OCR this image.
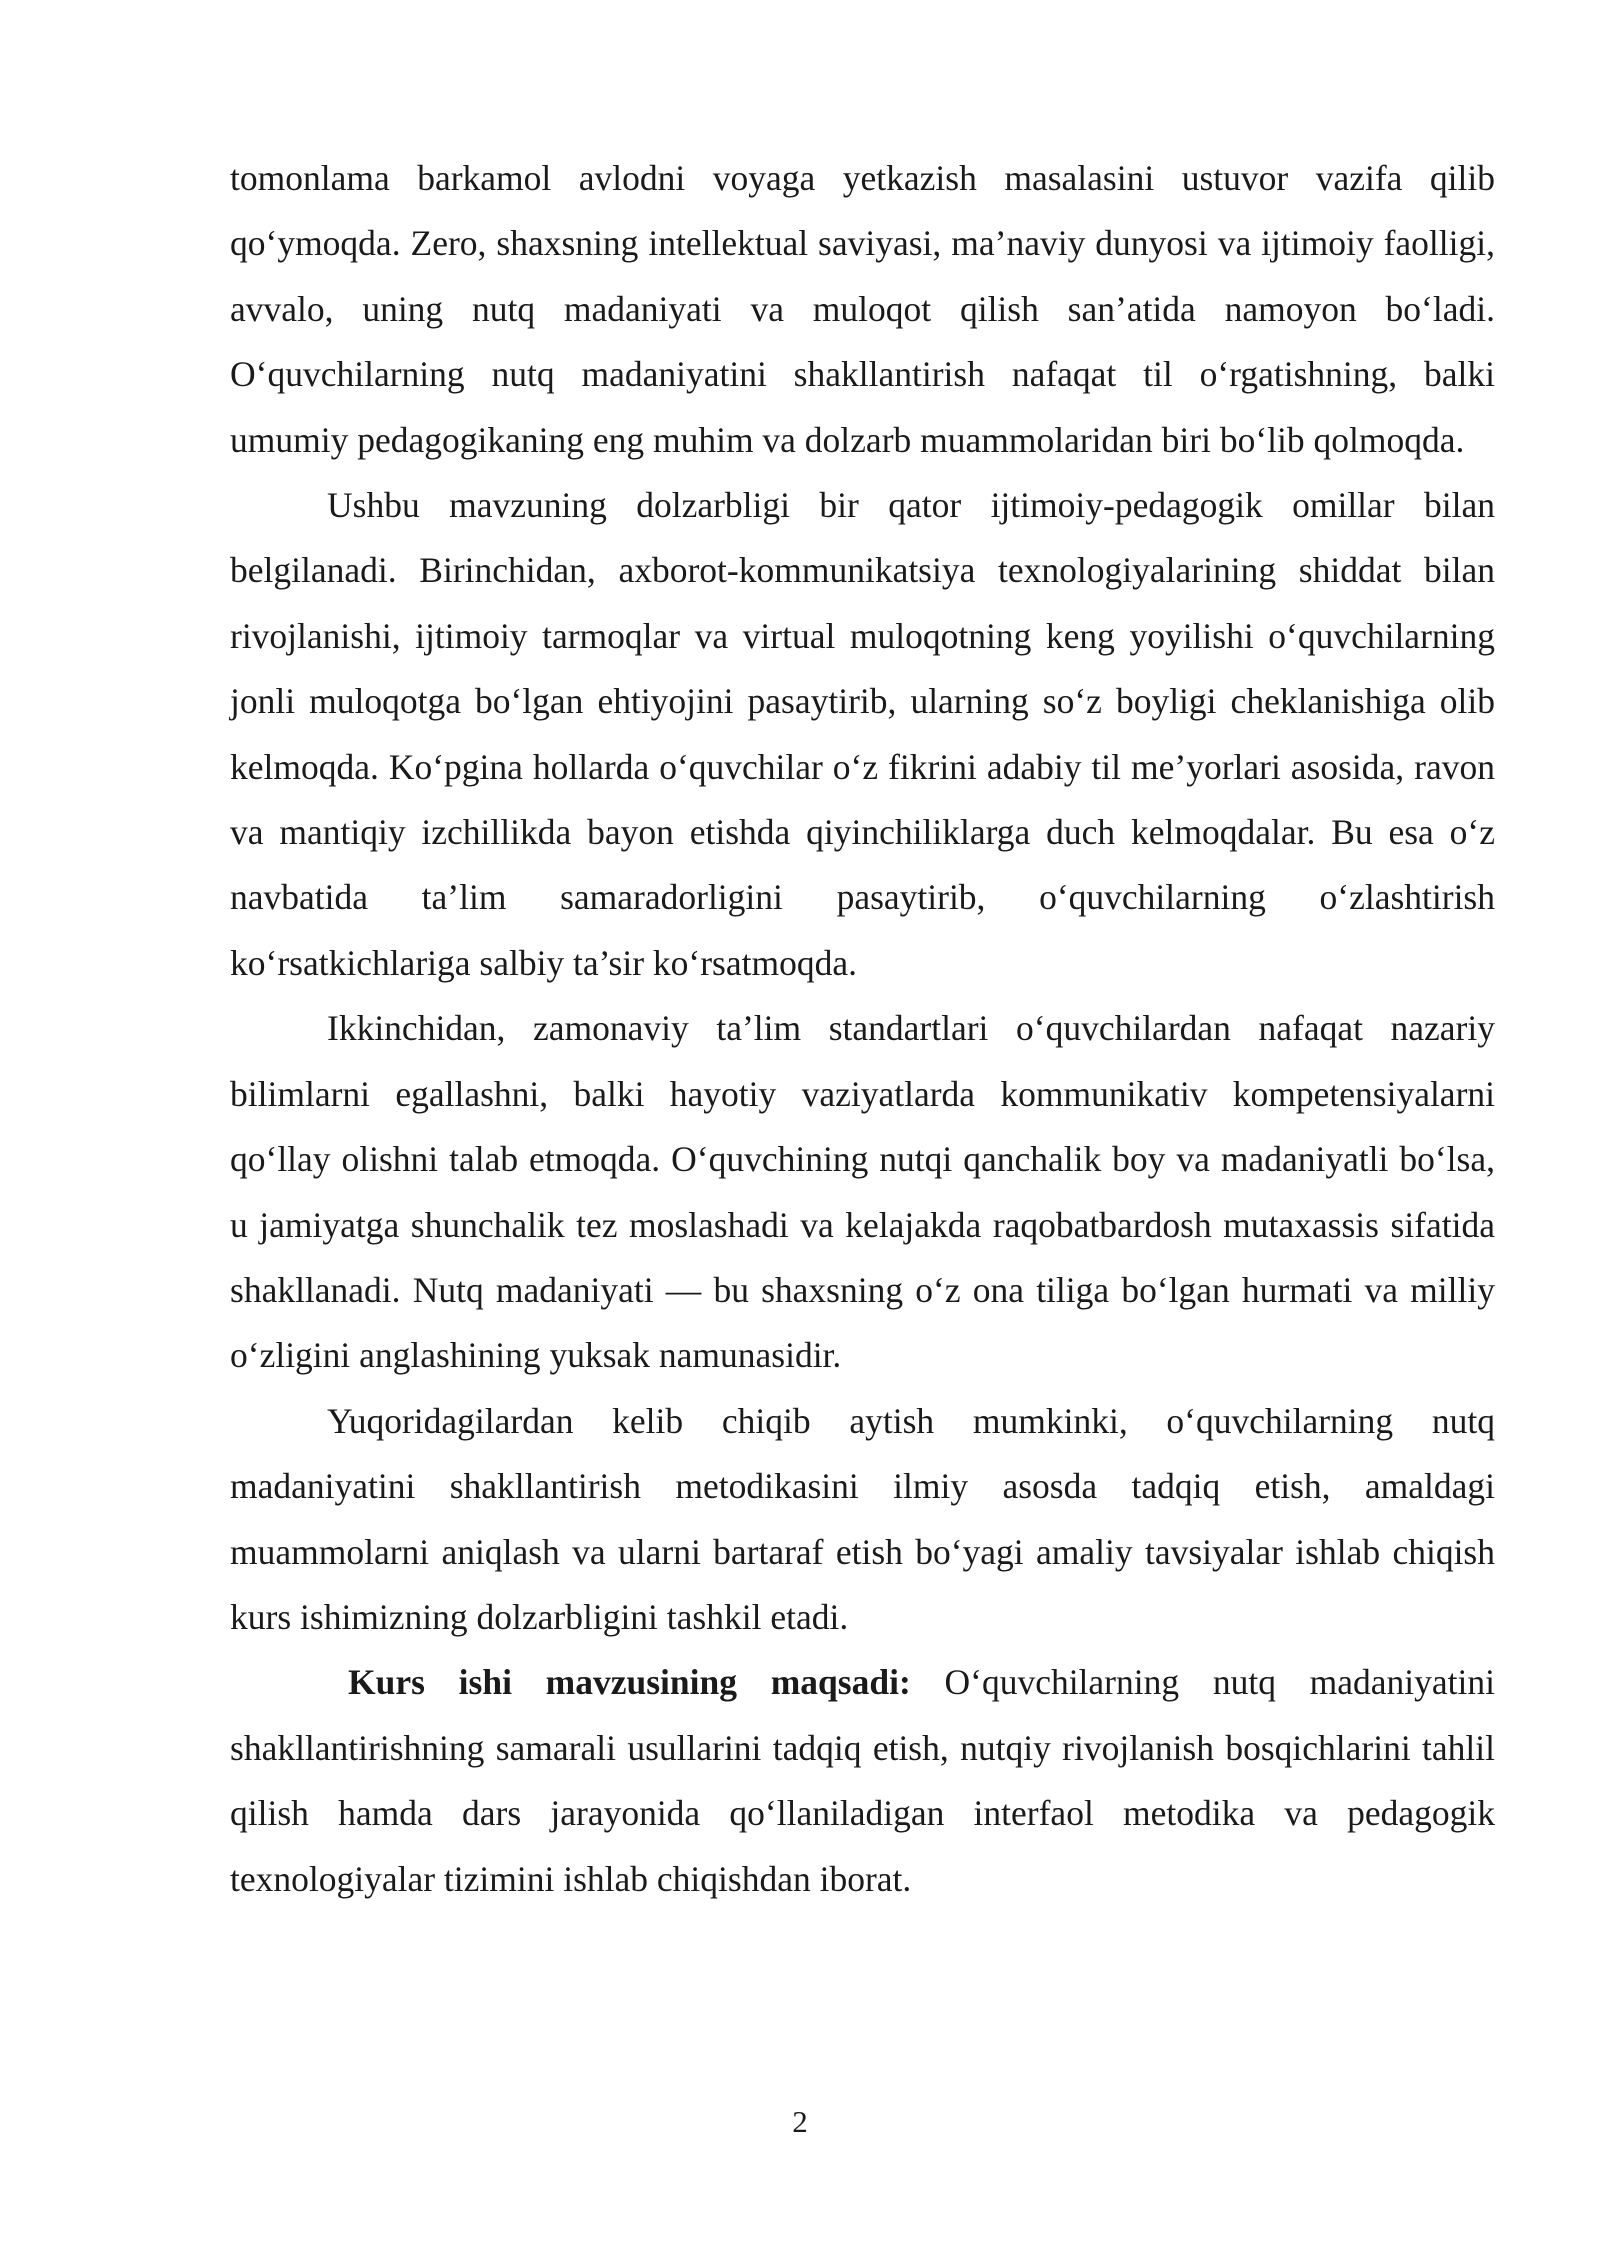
tomonlama barkamol avlodni voyaga yetkazish masalasini ustuvor vazifa qilib qo‘ymoqda. Zero, shaxsning intellektual saviyasi, ma’naviy dunyosi va ijtimoiy faolligi, avvalo, uning nutq madaniyati va muloqot qilish san’atida namoyon bo‘ladi. O‘quvchilarning nutq madaniyatini shakllantirish nafaqat til o‘rgatishning, balki umumiy pedagogikaning eng muhim va dolzarb muammolaridan biri bo‘lib qolmoqda.

Ushbu mavzuning dolzarbligi bir qator ijtimoiy-pedagogik omillar bilan belgilanadi. Birinchidan, axborot-kommunikatsiya texnologiyalarining shiddat bilan rivojlanishi, ijtimoiy tarmoqlar va virtual muloqotning keng yoyilishi o‘quvchilarning jonli muloqotga bo‘lgan ehtiyojini pasaytirib, ularning so‘z boyligi cheklanishiga olib kelmoqda. Ko‘pgina hollarda o‘quvchilar o‘z fikrini adabiy til me’yorlari asosida, ravon va mantiqiy izchillikda bayon etishda qiyinchiliklarga duch kelmoqdalar. Bu esa o‘z navbatida ta’lim samaradorligini pasaytirib, o‘quvchilarning o‘zlashtirish ko‘rsatkichlariga salbiy ta’sir ko‘rsatmoqda.

Ikkinchidan, zamonaviy ta’lim standartlari o‘quvchilardan nafaqat nazariy bilimlarni egallashni, balki hayotiy vaziyatlarda kommunikativ kompetensiyalarni qo‘llay olishni talab etmoqda. O‘quvchining nutqi qanchalik boy va madaniyatli bo‘lsa, u jamiyatga shunchalik tez moslashadi va kelajakda raqobatbardosh mutaxassis sifatida shakllanadi. Nutq madaniyati — bu shaxsning o‘z ona tiliga bo‘lgan hurmati va milliy o‘zligini anglashining yuksak namunasidir.

Yuqoridagilardan kelib chiqib aytish mumkinki, o‘quvchilarning nutq madaniyatini shakllantirish metodikasini ilmiy asosda tadqiq etish, amaldagi muammolarni aniqlash va ularni bartaraf etish bo‘yagi amaliy tavsiyalar ishlab chiqish kurs ishimizning dolzarbligini tashkil etadi.

Kurs ishi mavzusining maqsadi: O‘quvchilarning nutq madaniyatini shakllantirishning samarali usullarini tadqiq etish, nutqiy rivojlanish bosqichlarini tahlil qilish hamda dars jarayonida qo‘llaniladigan interfaol metodika va pedagogik texnologiyalar tizimini ishlab chiqishdan iborat.

2
